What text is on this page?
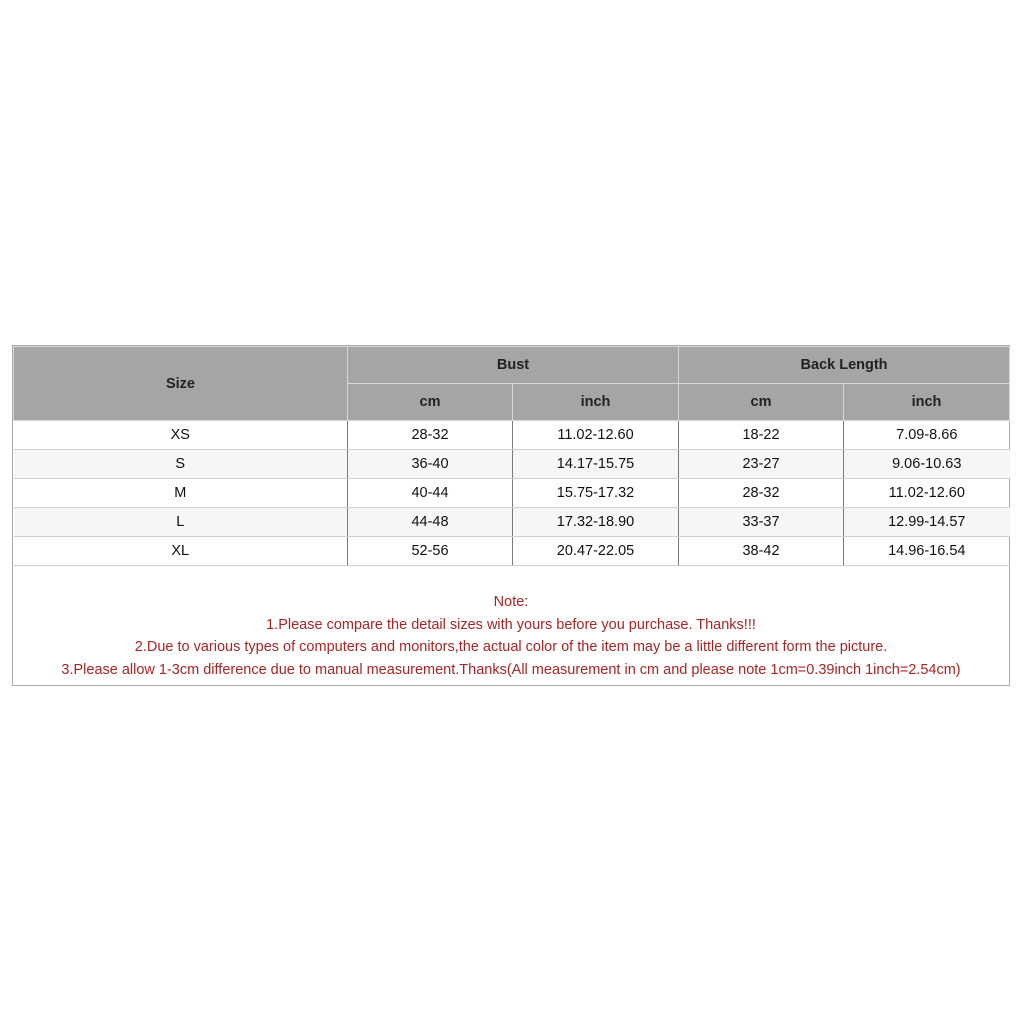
Size	Bust		Back Length	
	cm	inch	cm	inch
XS	28-32	11.02-12.60	18-22	7.09-8.66
S	36-40	14.17-15.75	23-27	9.06-10.63
M	40-44	15.75-17.32	28-32	11.02-12.60
L	44-48	17.32-18.90	33-37	12.99-14.57
XL	52-56	20.47-22.05	38-42	14.96-16.54
Note:
1.Please compare the detail sizes with yours before you purchase. Thanks!!!
2.Due to various types of computers and monitors,the actual color of the item may be a little different form the picture.
3.Please allow 1-3cm difference due to manual measurement.Thanks(All measurement in cm and please note 1cm=0.39inch 1inch=2.54cm)
